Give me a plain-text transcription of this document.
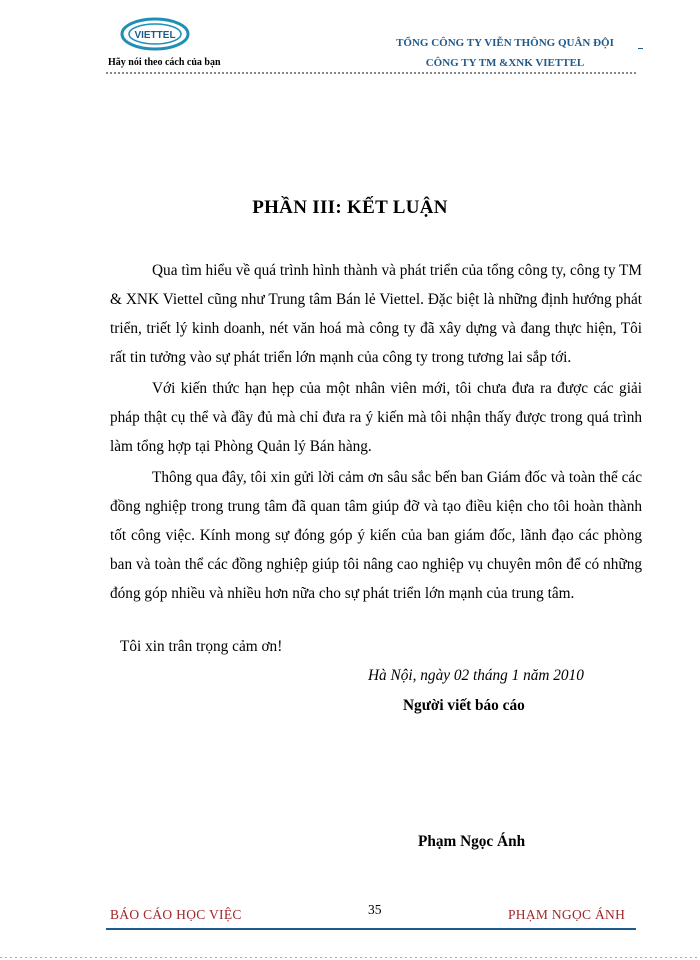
VIETTEL
Hãy nói theo cách của bạn
TỔNG CÔNG TY VIỄN THÔNG QUÂN ĐỘI
CÔNG TY TM &XNK VIETTEL
PHẦN III: KẾT LUẬN

Qua tìm hiểu về quá trình hình thành và phát triển của tổng công ty, công ty TM & XNK Viettel cũng như Trung tâm Bán lẻ Viettel. Đặc biệt là những định hướng phát triển, triết lý kinh doanh, nét văn hoá mà công ty đã xây dựng và đang thực hiện, Tôi rất tin tưởng vào sự phát triển lớn mạnh của công ty trong tương lai sắp tới.

Với kiến thức hạn hẹp của một nhân viên mới, tôi chưa đưa ra được các giải pháp thật cụ thể và đầy đủ mà chỉ đưa ra ý kiến mà tôi nhận thấy được trong quá trình làm tổng hợp tại Phòng Quản lý Bán hàng.

Thông qua đây, tôi xin gửi lời cảm ơn sâu sắc bến ban Giám đốc và toàn thể các đồng nghiệp trong trung tâm đã quan tâm giúp đỡ và tạo điều kiện cho tôi hoàn thành tốt công việc. Kính mong sự đóng góp ý kiến của ban giám đốc, lãnh đạo các phòng ban và toàn thể các đồng nghiệp giúp tôi nâng cao nghiệp vụ chuyên môn để có những đóng góp nhiều và nhiều hơn nữa cho sự phát triển lớn mạnh của trung tâm.

Tôi xin trân trọng cảm ơn!
Hà Nội, ngày 02 tháng 1 năm 2010
Người viết báo cáo
Phạm Ngọc Ánh
BÁO CÁO HỌC VIỆC	35	PHẠM NGỌC ÁNH
